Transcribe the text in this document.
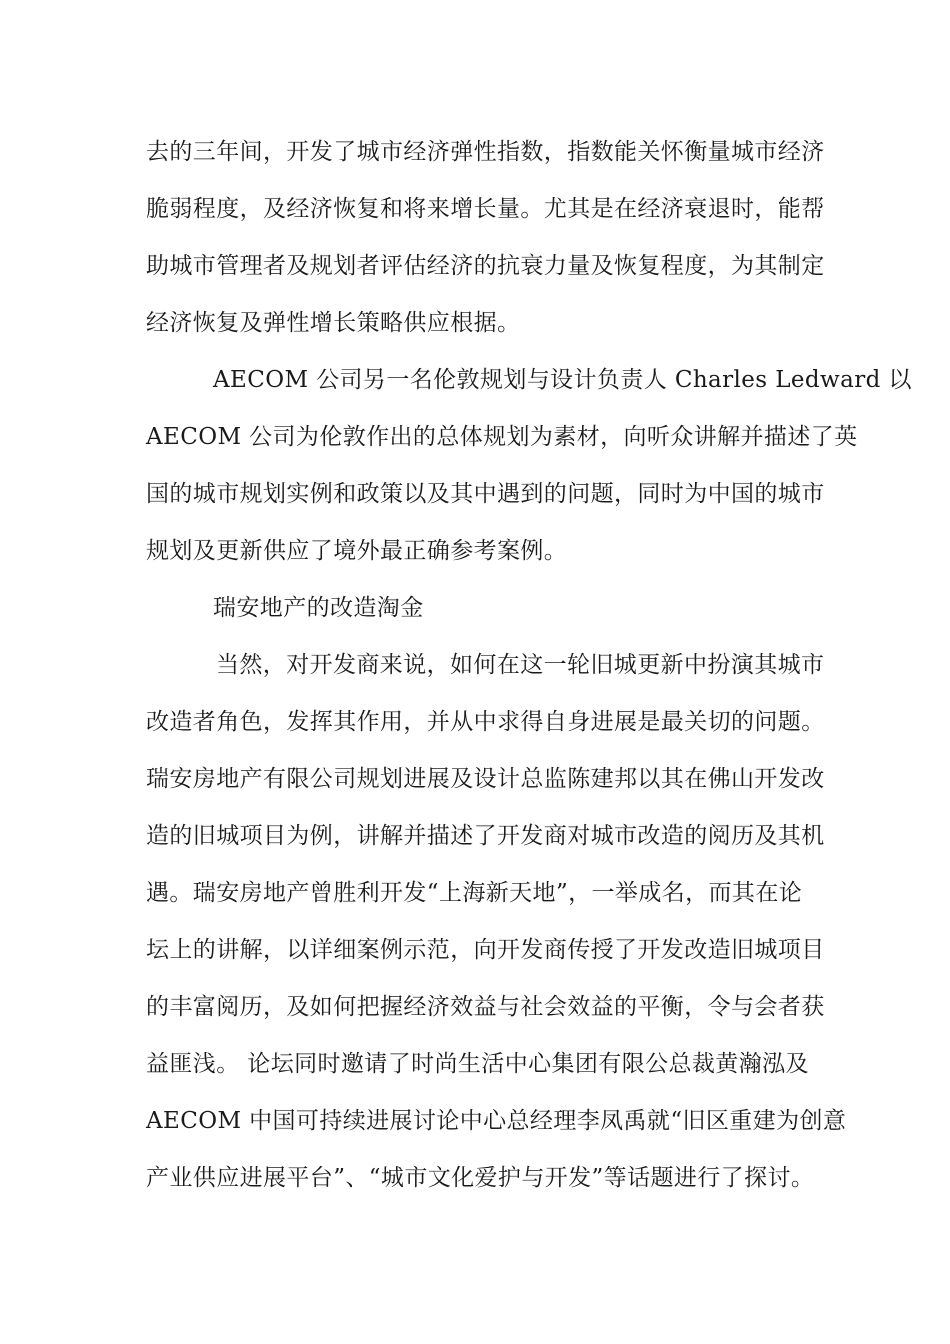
去的三年间，开发了城市经济弹性指数，指数能关怀衡量城市经济
脆弱程度，及经济恢复和将来增长量。尤其是在经济衰退时，能帮
助城市管理者及规划者评估经济的抗衰力量及恢复程度，为其制定
经济恢复及弹性增长策略供应根据。
AECOM 公司另一名伦敦规划与设计负责人 Charles Ledward 以
AECOM 公司为伦敦作出的总体规划为素材，向听众讲解并描述了英
国的城市规划实例和政策以及其中遇到的问题，同时为中国的城市
规划及更新供应了境外最正确参考案例。
瑞安地产的改造淘金
当然，对开发商来说，如何在这一轮旧城更新中扮演其城市
改造者角色，发挥其作用，并从中求得自身进展是最关切的问题。
瑞安房地产有限公司规划进展及设计总监陈建邦以其在佛山开发改
造的旧城项目为例，讲解并描述了开发商对城市改造的阅历及其机
遇。瑞安房地产曾胜利开发“上海新天地”，一举成名，而其在论
坛上的讲解，以详细案例示范，向开发商传授了开发改造旧城项目
的丰富阅历，及如何把握经济效益与社会效益的平衡，令与会者获
益匪浅。 论坛同时邀请了时尚生活中心集团有限公总裁黄瀚泓及
AECOM 中国可持续进展讨论中心总经理李凤禹就“旧区重建为创意
产业供应进展平台”、“城市文化爱护与开发”等话题进行了探讨。
